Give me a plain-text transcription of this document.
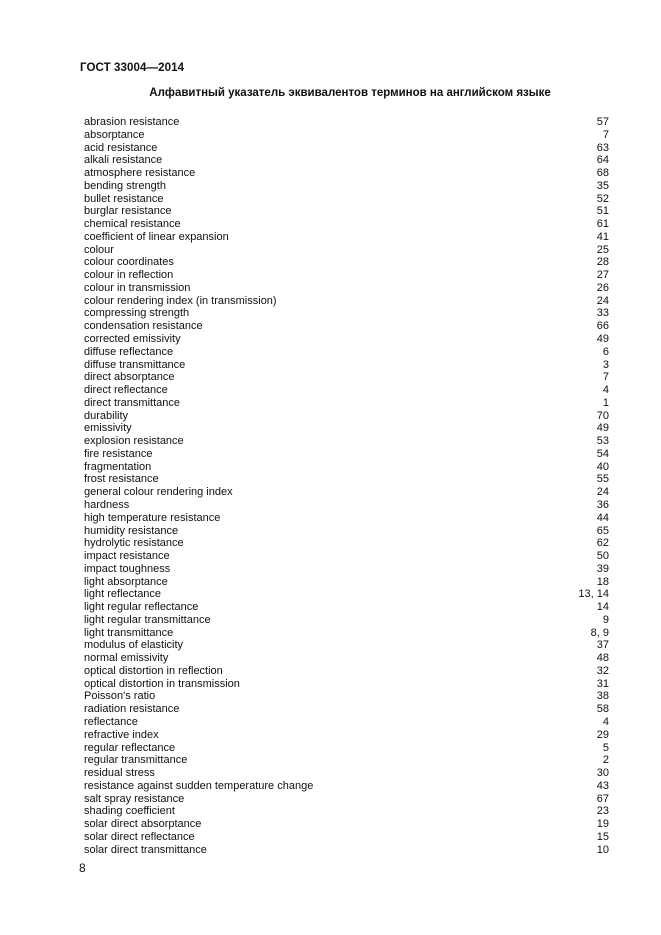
ГОСТ 33004—2014
Алфавитный указатель эквивалентов терминов на английском языке
abrasion resistance	57
absorptance	7
acid resistance	63
alkali resistance	64
atmosphere resistance	68
bending strength	35
bullet resistance	52
burglar resistance	51
chemical resistance	61
coefficient of linear expansion	41
colour	25
colour coordinates	28
colour in reflection	27
colour in transmission	26
colour rendering index (in transmission)	24
compressing strength	33
condensation resistance	66
corrected emissivity	49
diffuse reflectance	6
diffuse transmittance	3
direct absorptance	7
direct reflectance	4
direct transmittance	1
durability	70
emissivity	49
explosion resistance	53
fire resistance	54
fragmentation	40
frost resistance	55
general colour rendering index	24
hardness	36
high temperature resistance	44
humidity resistance	65
hydrolytic resistance	62
impact resistance	50
impact toughness	39
light absorptance	18
light reflectance	13, 14
light regular reflectance	14
light regular transmittance	9
light transmittance	8, 9
modulus of elasticity	37
normal emissivity	48
optical distortion in reflection	32
optical distortion in transmission	31
Poisson's ratio	38
radiation resistance	58
reflectance	4
refractive index	29
regular reflectance	5
regular transmittance	2
residual stress	30
resistance against sudden temperature change	43
salt spray resistance	67
shading coefficient	23
solar direct absorptance	19
solar direct reflectance	15
solar direct transmittance	10
8
